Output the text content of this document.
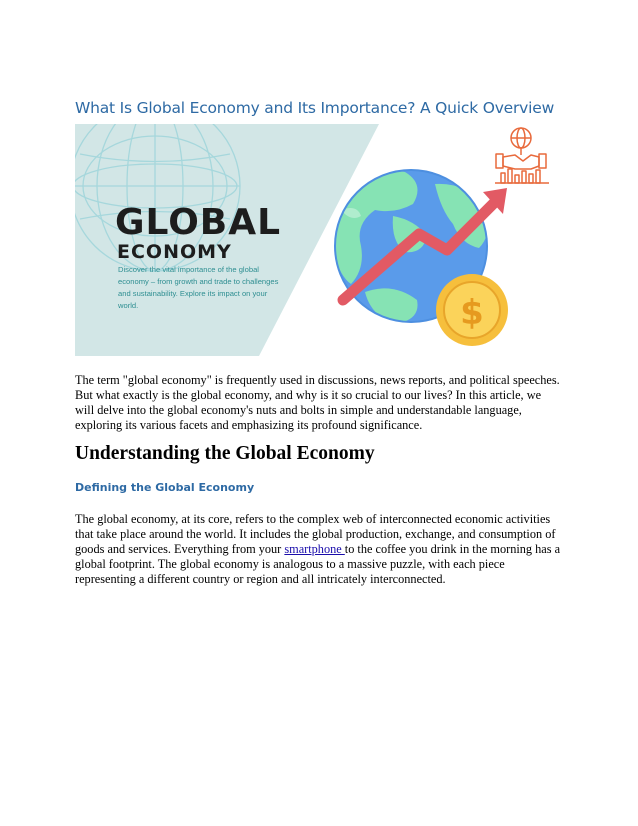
What Is Global Economy and Its Importance? A Quick Overview
GLOBAL
ECONOMY
Discover the vital importance of the global
economy – from growth and trade to challenges
and sustainability. Explore its impact on your
world.	$

The term "global economy" is frequently used in discussions, news reports, and political speeches. But what exactly is the global economy, and why is it so crucial to our lives? In this article, we will delve into the global economy's nuts and bolts in simple and understandable language, exploring its various facets and emphasizing its profound significance.

Understanding the Global Economy
Defining the Global Economy

The global economy, at its core, refers to the complex web of interconnected economic activities that take place around the world. It includes the global production, exchange, and consumption of goods and services. Everything from your smartphone to the coffee you drink in the morning has a global footprint. The global economy is analogous to a massive puzzle, with each piece representing a different country or region and all intricately interconnected.
